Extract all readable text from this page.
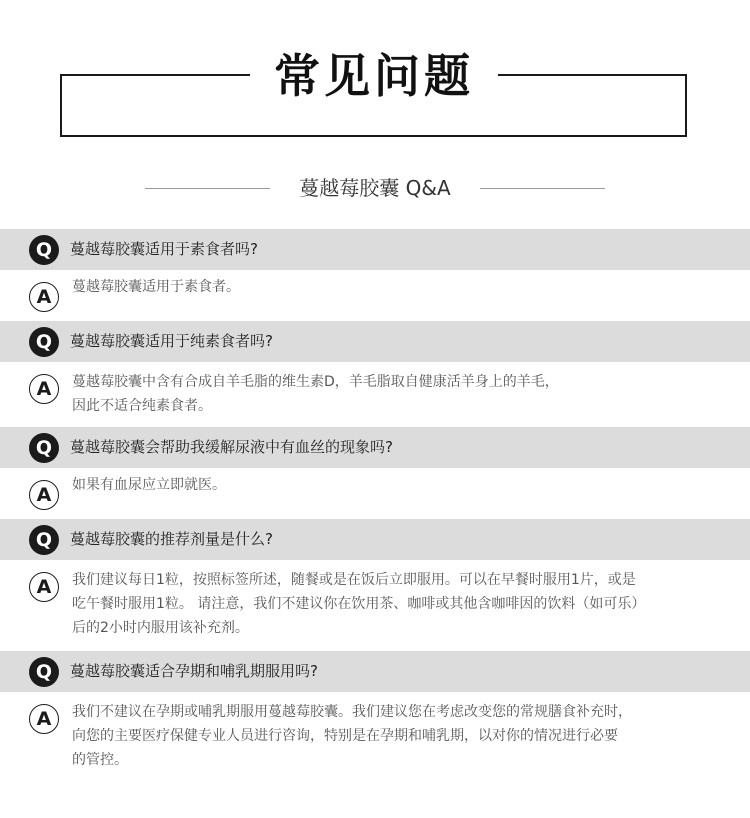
常见问题
蔓越莓胶囊 Q&A
Q	蔓越莓胶囊适用于素食者吗?
A	蔓越莓胶囊适用于素食者。
Q	蔓越莓胶囊适用于纯素食者吗?
A	蔓越莓胶囊中含有合成自羊毛脂的维生素D，羊毛脂取自健康活羊身上的羊毛，
因此不适合纯素食者。
Q	蔓越莓胶囊会帮助我缓解尿液中有血丝的现象吗?
A	如果有血尿应立即就医。
Q	蔓越莓胶囊的推荐剂量是什么?
A	我们建议每日1粒，按照标签所述，随餐或是在饭后立即服用。可以在早餐时服用1片，或是
吃午餐时服用1粒。 请注意，我们不建议你在饮用茶、咖啡或其他含咖啡因的饮料（如可乐）
后的2小时内服用该补充剂。
Q	蔓越莓胶囊适合孕期和哺乳期服用吗?
A	我们不建议在孕期或哺乳期服用蔓越莓胶囊。我们建议您在考虑改变您的常规膳食补充时，
向您的主要医疗保健专业人员进行咨询，特别是在孕期和哺乳期，以对你的情况进行必要
的管控。
